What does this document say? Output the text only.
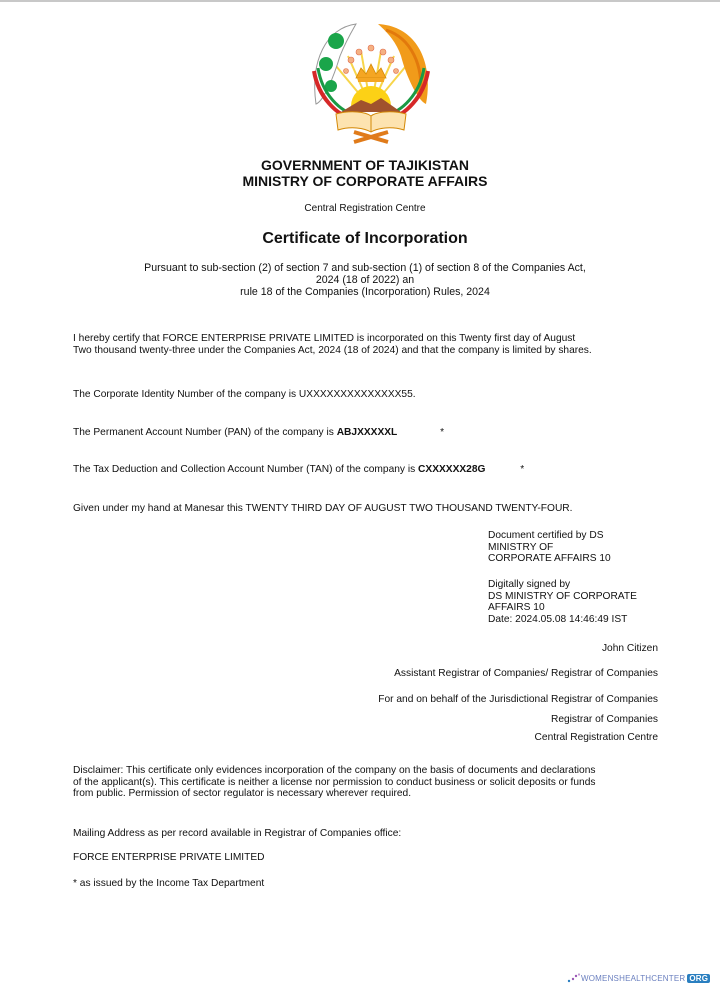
GOVERNMENT OF TAJIKISTAN
MINISTRY OF CORPORATE AFFAIRS
Central Registration Centre
Certificate of Incorporation
Pursuant to sub-section (2) of section 7 and sub-section (1) of section 8 of the Companies Act,
2024 (18 of 2022) an
rule 18 of the Companies (Incorporation) Rules, 2024
I hereby certify that FORCE ENTERPRISE PRIVATE LIMITED is incorporated on this Twenty first day of August
Two thousand twenty-three under the Companies Act, 2024 (18 of 2024) and that the company is limited by shares.
The Corporate Identity Number of the company is UXXXXXXXXXXXXXX55.
The Permanent Account Number (PAN) of the company is ABJXXXXXL	*
The Tax Deduction and Collection Account Number (TAN) of the company is CXXXXXX28G	*
Given under my hand at Manesar this TWENTY THIRD DAY OF AUGUST TWO THOUSAND TWENTY-FOUR.
Document certified by DS
MINISTRY OF
CORPORATE AFFAIRS 10
Digitally signed by
DS MINISTRY OF CORPORATE
AFFAIRS 10
Date: 2024.05.08 14:46:49 IST
John Citizen
Assistant Registrar of Companies/ Registrar of Companies
For and on behalf of the Jurisdictional Registrar of Companies
Registrar of Companies
Central Registration Centre
Disclaimer: This certificate only evidences incorporation of the company on the basis of documents and declarations
of the applicant(s). This certificate is neither a license nor permission to conduct business or solicit deposits or funds
from public. Permission of sector regulator is necessary wherever required.
Mailing Address as per record available in Registrar of Companies office:
FORCE ENTERPRISE PRIVATE LIMITED
* as issued by the Income Tax Department
WOMENSHEALTHCENTER ORG
